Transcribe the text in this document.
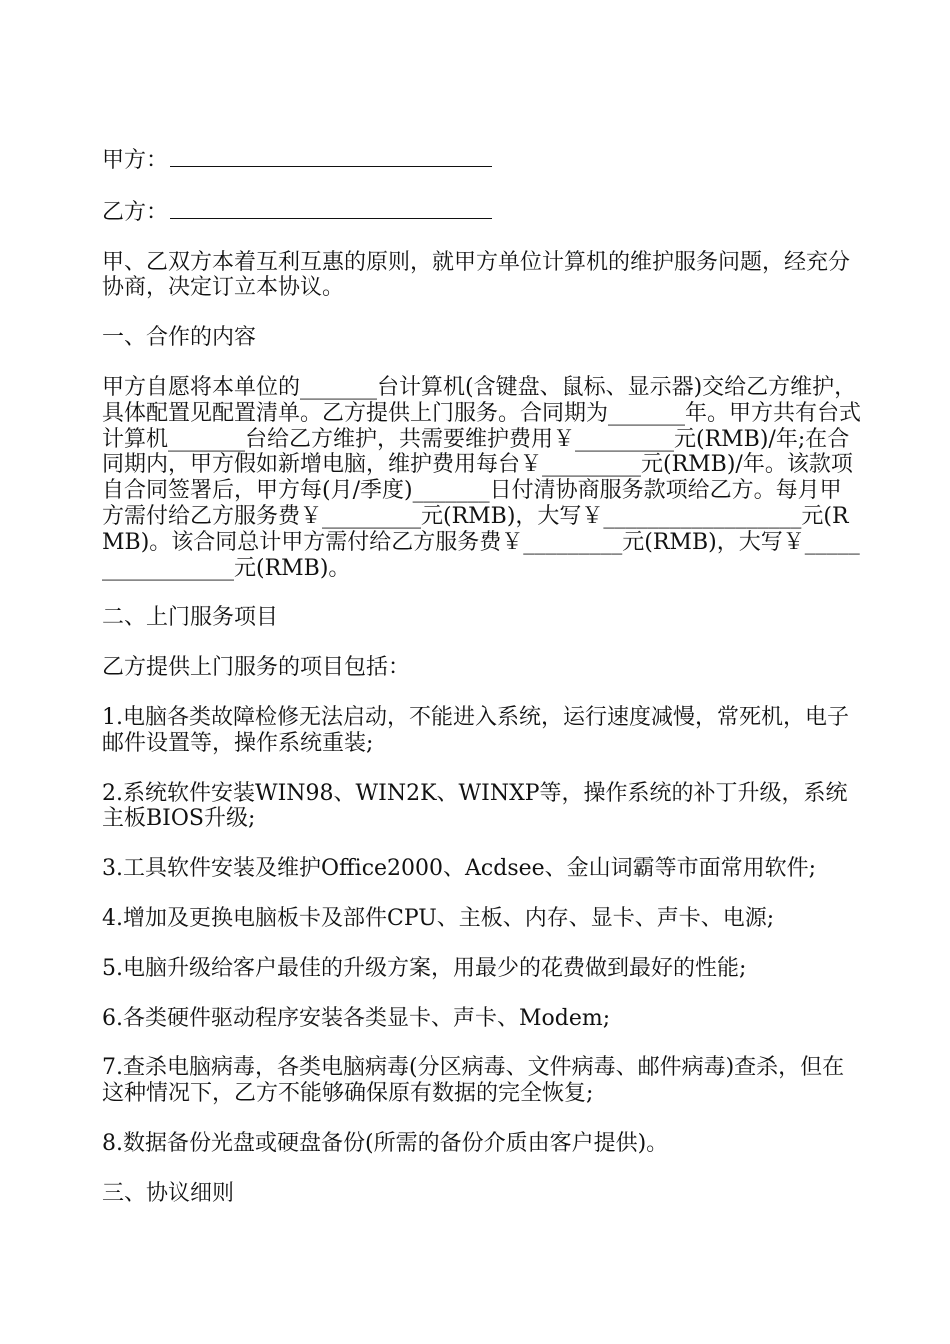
甲方：
乙方：

甲、乙双方本着互利互惠的原则，就甲方单位计算机的维护服务问题，经充分协商，决定订立本协议。

一、合作的内容

甲方自愿将本单位的_______台计算机(含键盘、鼠标、显示器)交给乙方维护，具体配置见配置清单。乙方提供上门服务。合同期为_______年。甲方共有台式计算机_______台给乙方维护，共需要维护费用￥_________元(RMB)/年;在合同期内，甲方假如新增电脑，维护费用每台￥_________元(RMB)/年。该款项自合同签署后，甲方每(月/季度)_______日付清协商服务款项给乙方。每月甲方需付给乙方服务费￥_________元(RMB)，大写￥__________________元(RMB)。该合同总计甲方需付给乙方服务费￥_________元(RMB)，大写￥_________________元(RMB)。

二、上门服务项目

乙方提供上门服务的项目包括：

1.电脑各类故障检修无法启动，不能进入系统，运行速度减慢，常死机，电子邮件设置等，操作系统重装;

2.系统软件安装WIN98、WIN2K、WINXP等，操作系统的补丁升级，系统主板BIOS升级;

3.工具软件安装及维护Office2000、Acdsee、金山词霸等市面常用软件;

4.增加及更换电脑板卡及部件CPU、主板、内存、显卡、声卡、电源;

5.电脑升级给客户最佳的升级方案，用最少的花费做到最好的性能;

6.各类硬件驱动程序安装各类显卡、声卡、Modem;

7.查杀电脑病毒，各类电脑病毒(分区病毒、文件病毒、邮件病毒)查杀，但在这种情况下，乙方不能够确保原有数据的完全恢复;

8.数据备份光盘或硬盘备份(所需的备份介质由客户提供)。

三、协议细则
